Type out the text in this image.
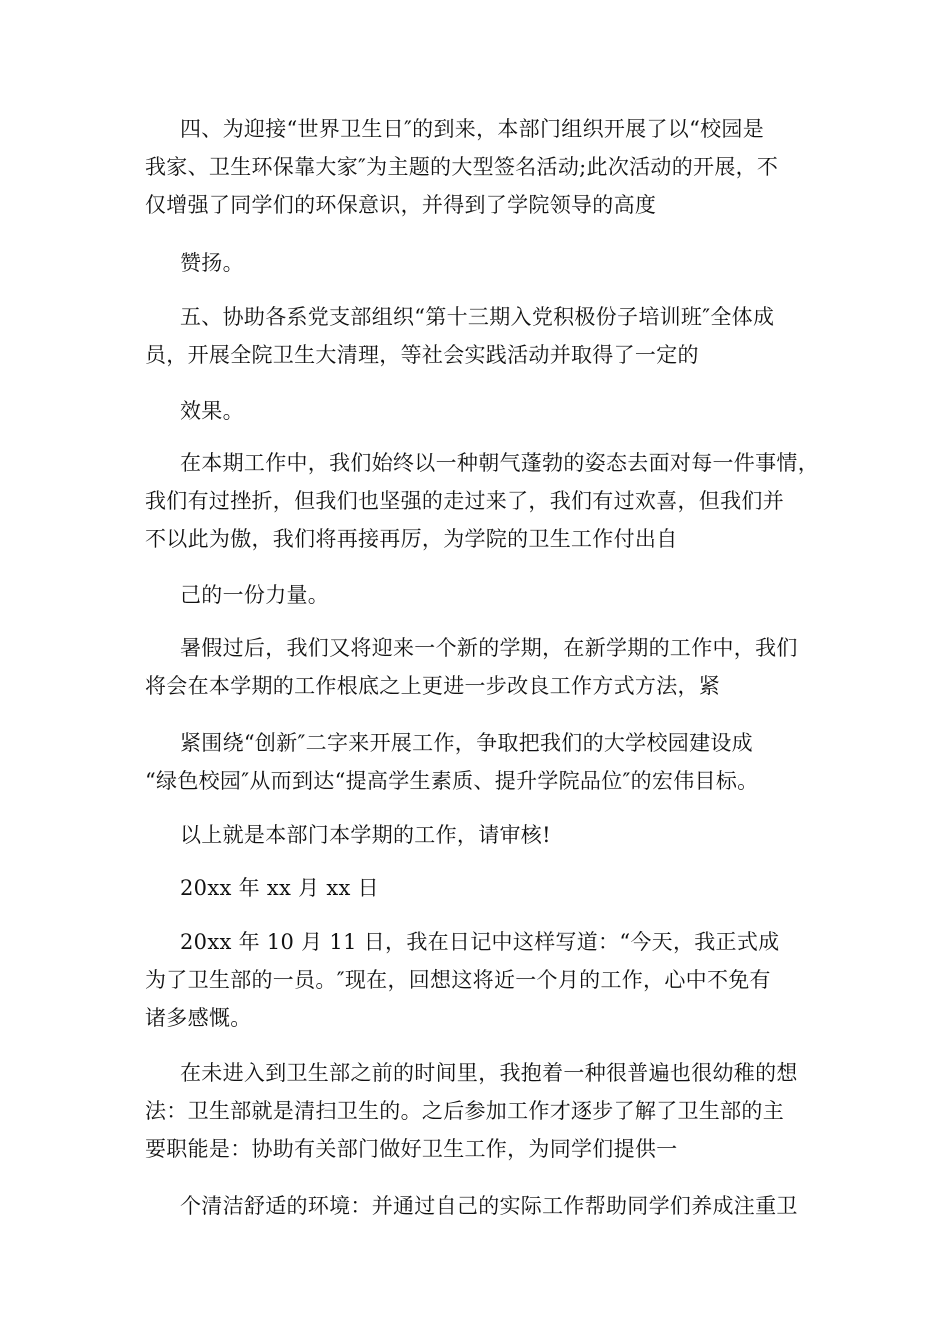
四、为迎接“世界卫生日″的到来，本部门组织开展了以“校园是
我家、卫生环保靠大家″为主题的大型签名活动;此次活动的开展，不
仅增强了同学们的环保意识，并得到了学院领导的高度
赞扬。
五、协助各系党支部组织“第十三期入党积极份子培训班″全体成
员，开展全院卫生大清理，等社会实践活动并取得了一定的
效果。
在本期工作中，我们始终以一种朝气蓬勃的姿态去面对每一件事情，
我们有过挫折，但我们也坚强的走过来了，我们有过欢喜，但我们并
不以此为傲，我们将再接再厉，为学院的卫生工作付出自
己的一份力量。
暑假过后，我们又将迎来一个新的学期，在新学期的工作中，我们
将会在本学期的工作根底之上更进一步改良工作方式方法，紧
紧围绕“创新″二字来开展工作，争取把我们的大学校园建设成
“绿色校园″从而到达“提高学生素质、提升学院品位″的宏伟目标。
以上就是本部门本学期的工作，请审核!
20xx 年 xx 月 xx 日
20xx 年 10 月 11 日，我在日记中这样写道：“今天，我正式成
为了卫生部的一员。″现在，回想这将近一个月的工作，心中不免有
诸多感慨。
在未进入到卫生部之前的时间里，我抱着一种很普遍也很幼稚的想
法：卫生部就是清扫卫生的。之后参加工作才逐步了解了卫生部的主
要职能是：协助有关部门做好卫生工作，为同学们提供一
个清洁舒适的环境：并通过自己的实际工作帮助同学们养成注重卫
